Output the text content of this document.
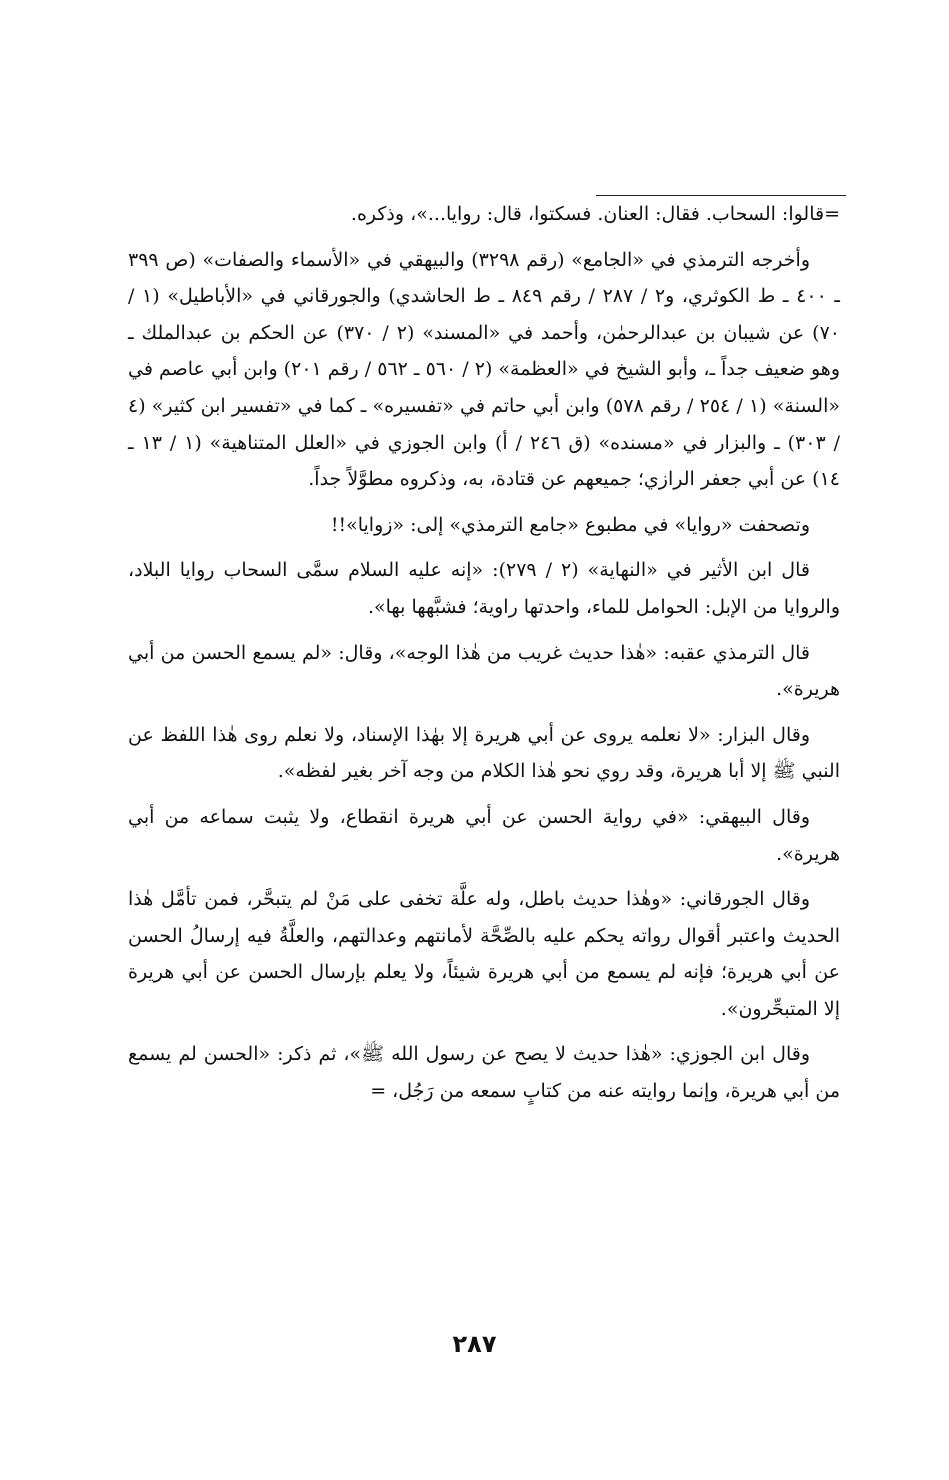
=قالوا: السحاب. فقال: العنان. فسكتوا، قال: روايا...»، وذكره.

وأخرجه الترمذي في «الجامع» (رقم ٣٢٩٨) والبيهقي في «الأسماء والصفات» (ص ٣٩٩ ـ ٤٠٠ ـ ط الكوثري، و٢ / ٢٨٧ / رقم ٨٤٩ ـ ط الحاشدي) والجورقاني في «الأباطيل» (١ / ٧٠) عن شيبان بن عبدالرحمٰن، وأحمد في «المسند» (٢ / ٣٧٠) عن الحكم بن عبدالملك ـ وهو ضعيف جداً ـ، وأبو الشيخ في «العظمة» (٢ / ٥٦٠ ـ ٥٦٢ / رقم ٢٠١) وابن أبي عاصم في «السنة» (١ / ٢٥٤ / رقم ٥٧٨) وابن أبي حاتم في «تفسيره» ـ كما في «تفسير ابن كثير» (٤ / ٣٠٣) ـ والبزار في «مسنده» (ق ٢٤٦ / أ) وابن الجوزي في «العلل المتناهية» (١ / ١٣ ـ ١٤) عن أبي جعفر الرازي؛ جميعهم عن قتادة، به، وذكروه مطوَّلاً جداً.

وتصحفت «روايا» في مطبوع «جامع الترمذي» إلى: «زوايا»!!

قال ابن الأثير في «النهاية» (٢ / ٢٧٩): «إنه عليه السلام سمَّى السحاب روايا البلاد، والروايا من الإبل: الحوامل للماء، واحدتها راوية؛ فشبَّهها بها».

قال الترمذي عقبه: «هٰذا حديث غريب من هٰذا الوجه»، وقال: «لم يسمع الحسن من أبي هريرة».

وقال البزار: «لا نعلمه يروى عن أبي هريرة إلا بهٰذا الإسناد، ولا نعلم روى هٰذا اللفظ عن النبي ﷺ إلا أبا هريرة، وقد روي نحو هٰذا الكلام من وجه آخر بغير لفظه».

وقال البيهقي: «في رواية الحسن عن أبي هريرة انقطاع، ولا يثبت سماعه من أبي هريرة».

وقال الجورقاني: «وهٰذا حديث باطل، وله علَّة تخفى على مَنْ لم يتبحَّر، فمن تأمَّل هٰذا الحديث واعتبر أقوال رواته يحكم عليه بالصِّحَّة لأمانتهم وعدالتهم، والعلَّةُ فيه إرسالُ الحسن عن أبي هريرة؛ فإنه لم يسمع من أبي هريرة شيئاً، ولا يعلم بإرسال الحسن عن أبي هريرة إلا المتبحِّرون».

وقال ابن الجوزي: «هٰذا حديث لا يصح عن رسول الله ﷺ»، ثم ذكر: «الحسن لم يسمع من أبي هريرة، وإنما روايته عنه من كتابٍ سمعه من رَجُل، =

٢٨٧
